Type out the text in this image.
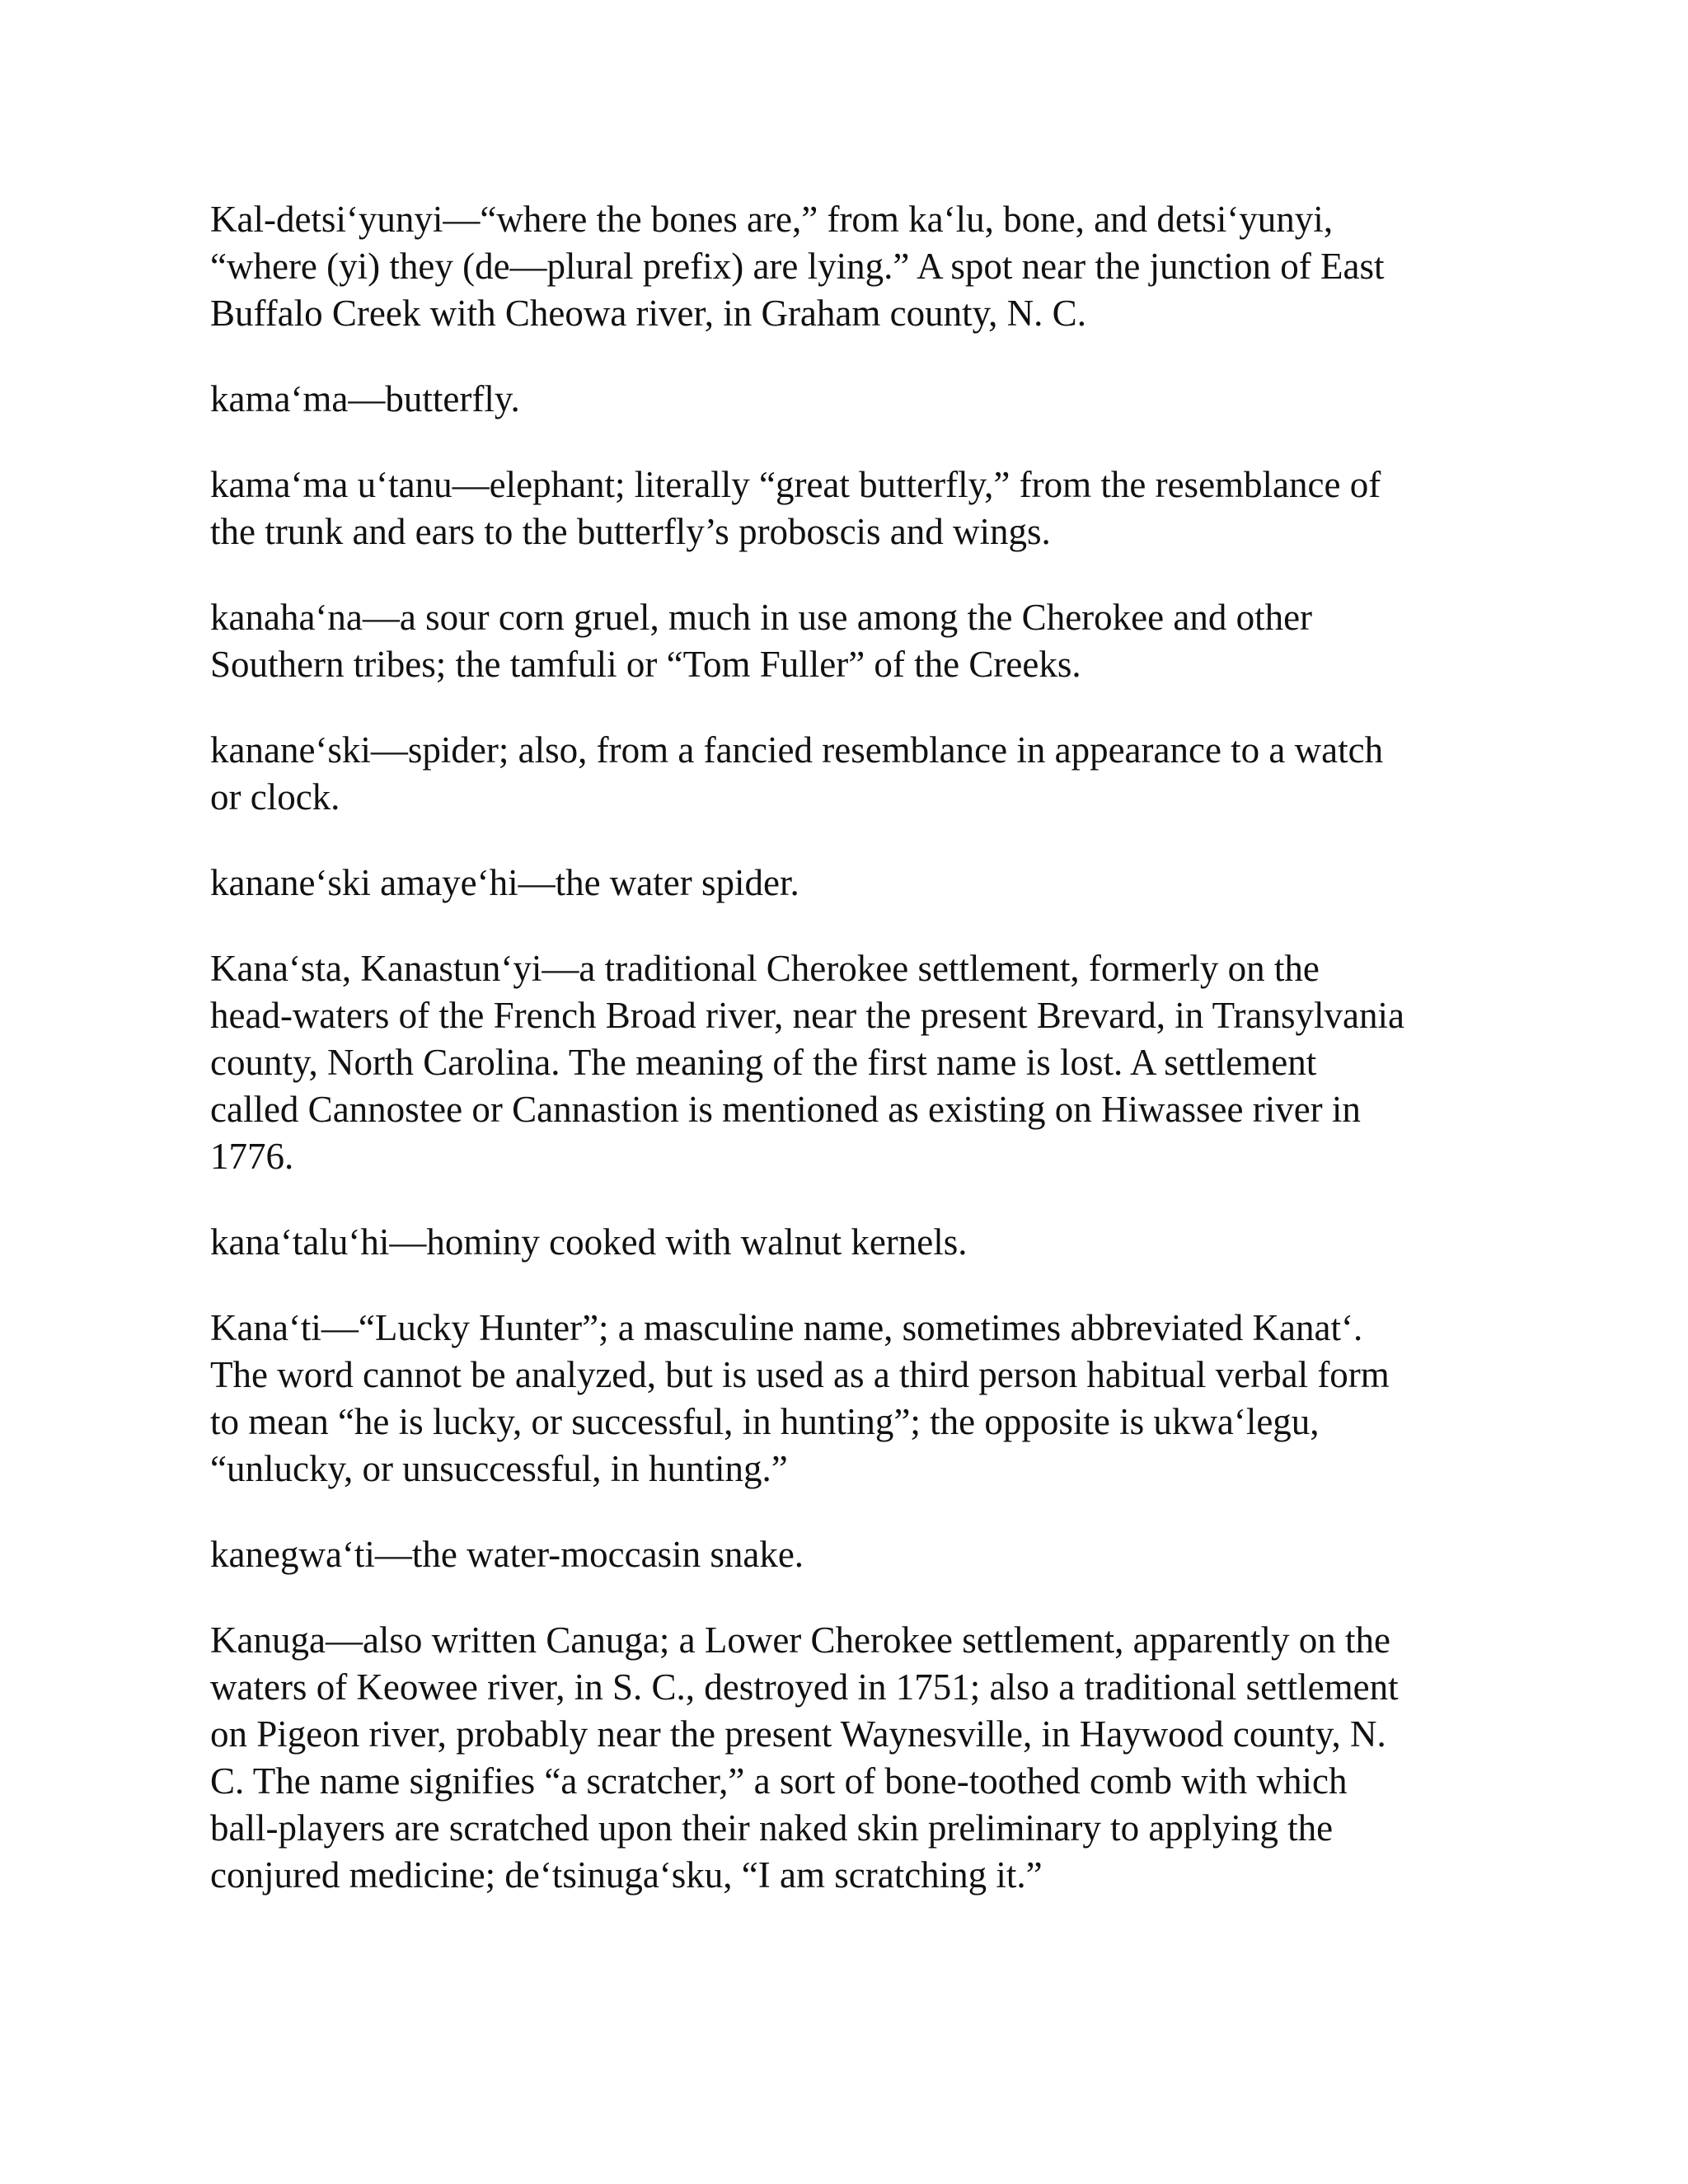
Kal-detsi‘yunyi—“where the bones are,” from ka‘lu, bone, and detsi‘yunyi,
“where (yi) they (de—plural prefix) are lying.” A spot near the junction of East
Buffalo Creek with Cheowa river, in Graham county, N. C.

kama‘ma—butterfly.

kama‘ma u‘tanu—elephant; literally “great butterfly,” from the resemblance of
the trunk and ears to the butterfly’s proboscis and wings.

kanaha‘na—a sour corn gruel, much in use among the Cherokee and other
Southern tribes; the tamfuli or “Tom Fuller” of the Creeks.

kanane‘ski—spider; also, from a fancied resemblance in appearance to a watch
or clock.

kanane‘ski amaye‘hi—the water spider.

Kana‘sta, Kanastun‘yi—a traditional Cherokee settlement, formerly on the
head-waters of the French Broad river, near the present Brevard, in Transylvania
county, North Carolina. The meaning of the first name is lost. A settlement
called Cannostee or Cannastion is mentioned as existing on Hiwassee river in
1776.

kana‘talu‘hi—hominy cooked with walnut kernels.

Kana‘ti—“Lucky Hunter”; a masculine name, sometimes abbreviated Kanat‘.
The word cannot be analyzed, but is used as a third person habitual verbal form
to mean “he is lucky, or successful, in hunting”; the opposite is ukwa‘legu,
“unlucky, or unsuccessful, in hunting.”

kanegwa‘ti—the water-moccasin snake.

Kanuga—also written Canuga; a Lower Cherokee settlement, apparently on the
waters of Keowee river, in S. C., destroyed in 1751; also a traditional settlement
on Pigeon river, probably near the present Waynesville, in Haywood county, N.
C. The name signifies “a scratcher,” a sort of bone-toothed comb with which
ball-players are scratched upon their naked skin preliminary to applying the
conjured medicine; de‘tsinuga‘sku, “I am scratching it.”
